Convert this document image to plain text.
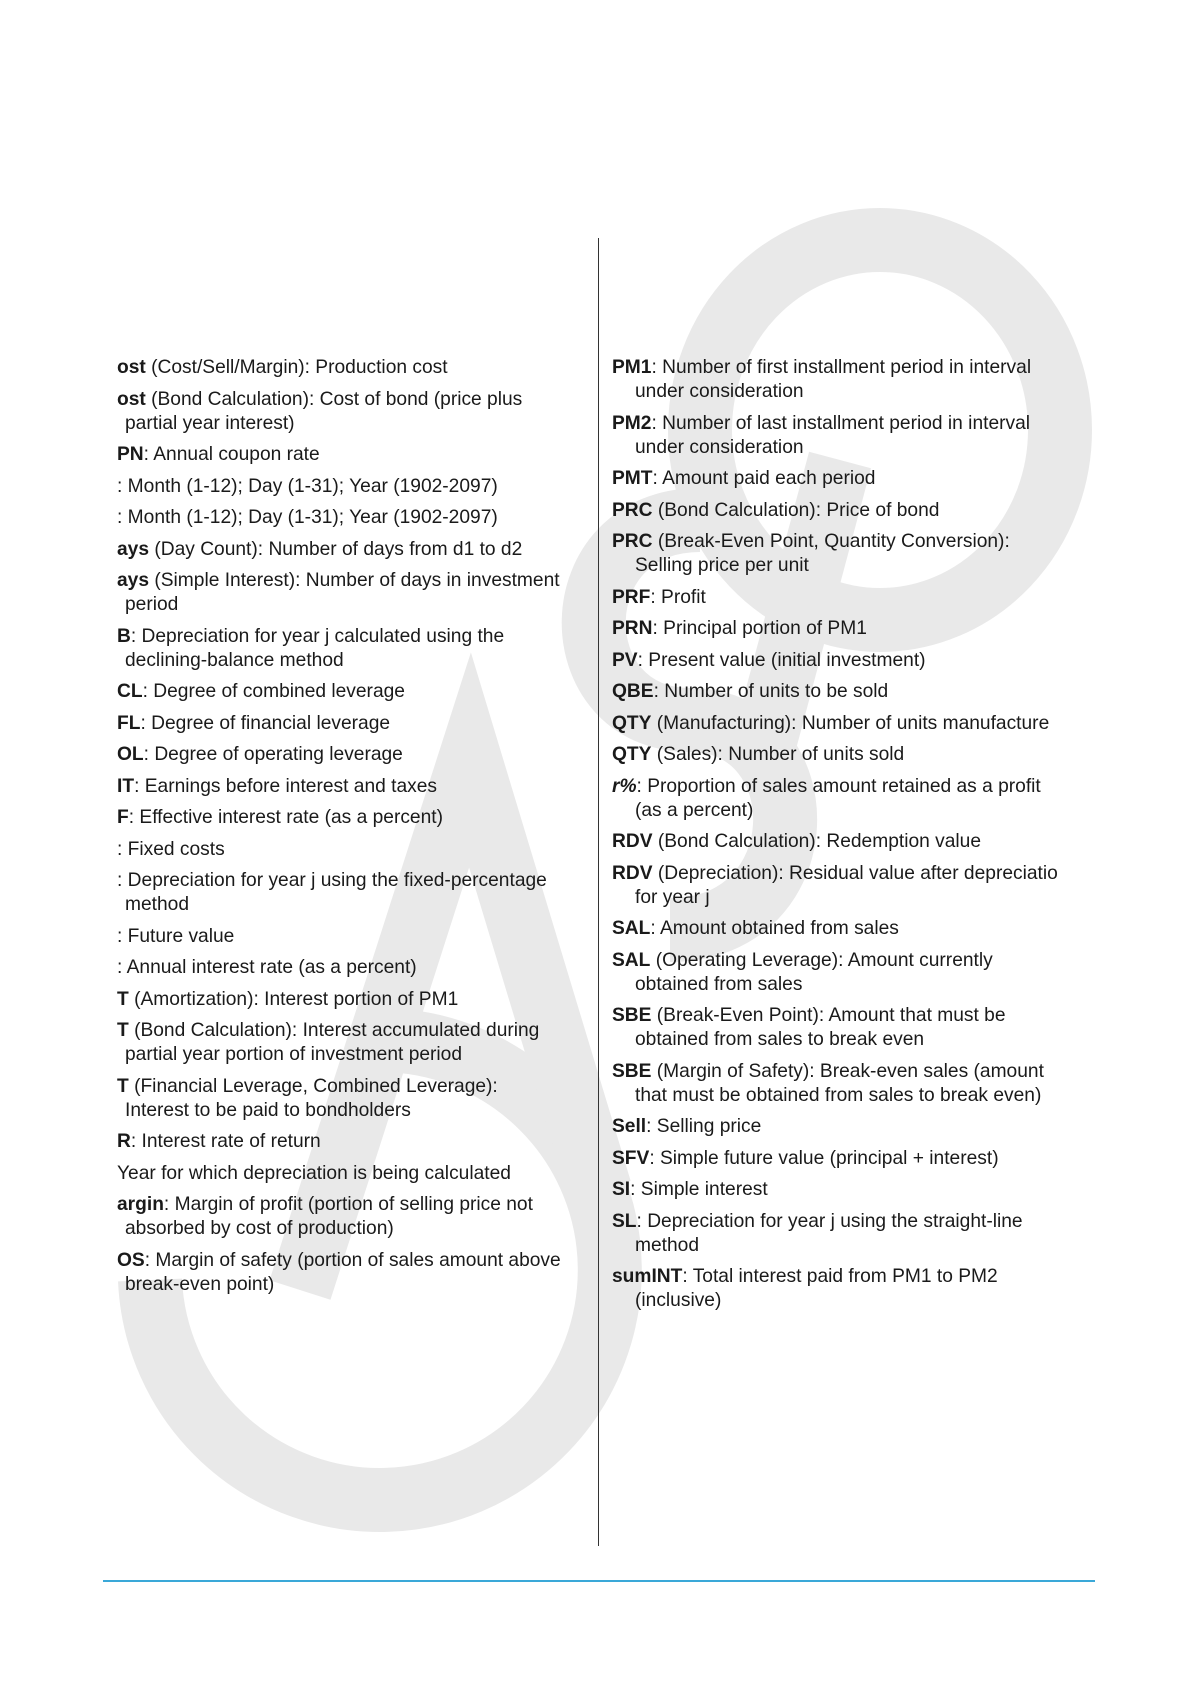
ost (Cost/Sell/Margin): Production cost
ost (Bond Calculation): Cost of bond (price plus
partial year interest)
PN: Annual coupon rate
: Month (1-12); Day (1-31); Year (1902-2097)
: Month (1-12); Day (1-31); Year (1902-2097)
ays (Day Count): Number of days from d1 to d2
ays (Simple Interest): Number of days in investment
period
B: Depreciation for year j calculated using the
declining-balance method
CL: Degree of combined leverage
FL: Degree of financial leverage
OL: Degree of operating leverage
IT: Earnings before interest and taxes
F: Effective interest rate (as a percent)
: Fixed costs
: Depreciation for year j using the fixed-percentage
method
: Future value
: Annual interest rate (as a percent)
T (Amortization): Interest portion of PM1
T (Bond Calculation): Interest accumulated during
partial year portion of investment period
T (Financial Leverage, Combined Leverage):
Interest to be paid to bondholders
R: Interest rate of return
Year for which depreciation is being calculated
argin: Margin of profit (portion of selling price not
absorbed by cost of production)
OS: Margin of safety (portion of sales amount above
break-even point)
PM1: Number of first installment period in interval
under consideration
PM2: Number of last installment period in interval
under consideration
PMT: Amount paid each period
PRC (Bond Calculation): Price of bond
PRC (Break-Even Point, Quantity Conversion):
Selling price per unit
PRF: Profit
PRN: Principal portion of PM1
PV: Present value (initial investment)
QBE: Number of units to be sold
QTY (Manufacturing): Number of units manufacture
QTY (Sales): Number of units sold
r%: Proportion of sales amount retained as a profit
(as a percent)
RDV (Bond Calculation): Redemption value
RDV (Depreciation): Residual value after depreciatio
for year j
SAL: Amount obtained from sales
SAL (Operating Leverage): Amount currently
obtained from sales
SBE (Break-Even Point): Amount that must be
obtained from sales to break even
SBE (Margin of Safety): Break-even sales (amount
that must be obtained from sales to break even)
Sell: Selling price
SFV: Simple future value (principal + interest)
SI: Simple interest
SL: Depreciation for year j using the straight-line
method
sumINT: Total interest paid from PM1 to PM2
(inclusive)
